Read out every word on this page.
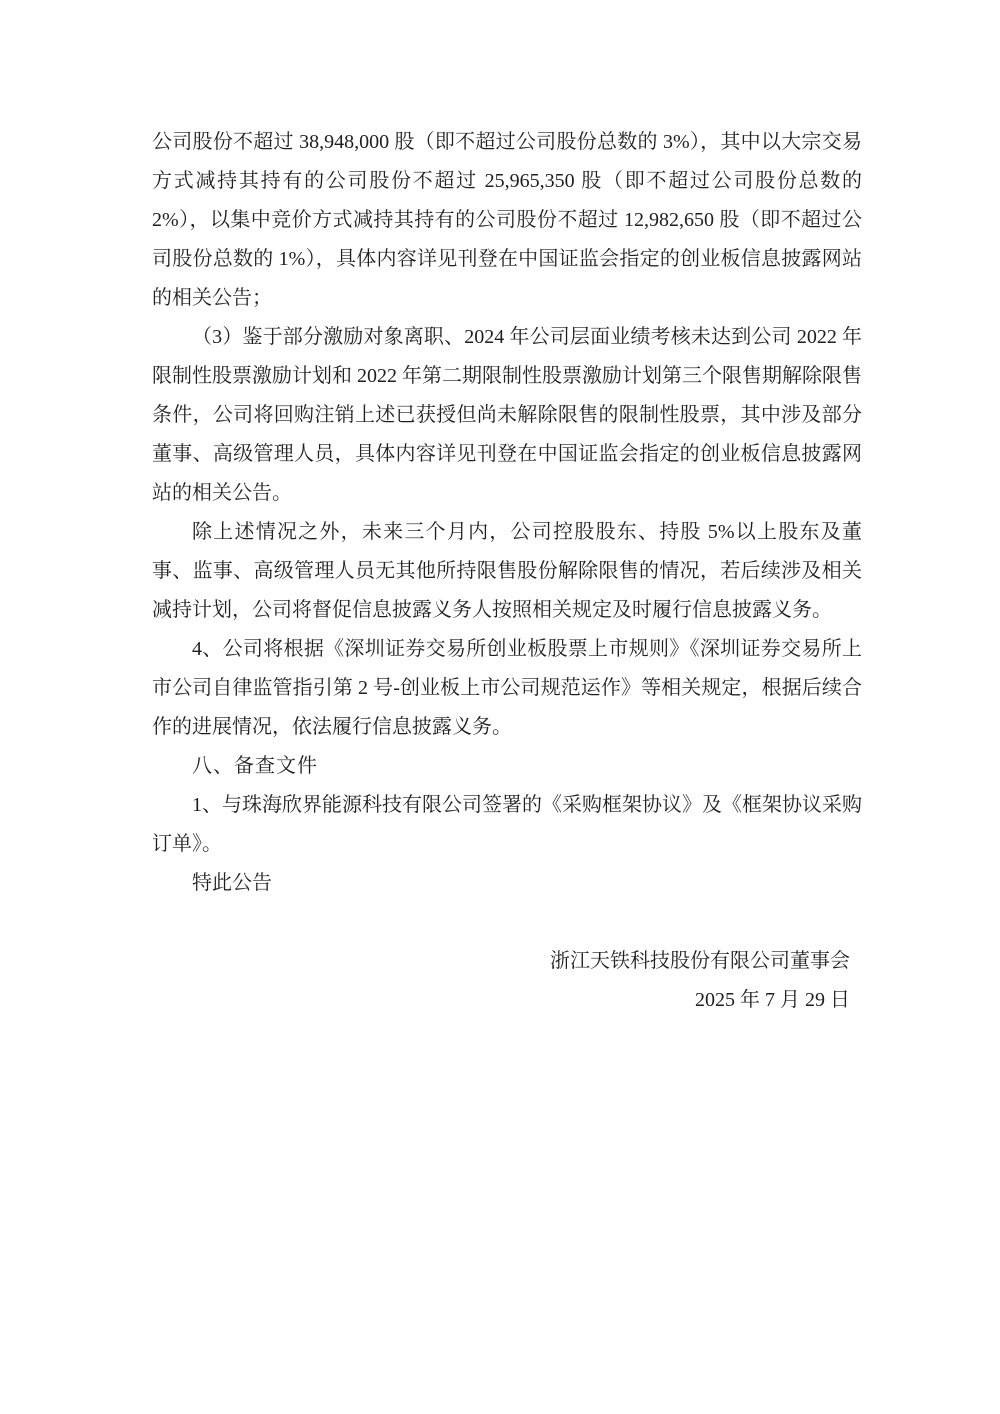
公司股份不超过 38,948,000 股（即不超过公司股份总数的 3%），其中以大宗交易方式减持其持有的公司股份不超过 25,965,350 股（即不超过公司股份总数的 2%），以集中竞价方式减持其持有的公司股份不超过 12,982,650 股（即不超过公司股份总数的 1%），具体内容详见刊登在中国证监会指定的创业板信息披露网站的相关公告；

（3）鉴于部分激励对象离职、2024 年公司层面业绩考核未达到公司 2022 年限制性股票激励计划和 2022 年第二期限制性股票激励计划第三个限售期解除限售条件，公司将回购注销上述已获授但尚未解除限售的限制性股票，其中涉及部分董事、高级管理人员，具体内容详见刊登在中国证监会指定的创业板信息披露网站的相关公告。

除上述情况之外，未来三个月内，公司控股股东、持股 5%以上股东及董事、监事、高级管理人员无其他所持限售股份解除限售的情况，若后续涉及相关减持计划，公司将督促信息披露义务人按照相关规定及时履行信息披露义务。

4、公司将根据《深圳证券交易所创业板股票上市规则》《深圳证券交易所上市公司自律监管指引第 2 号-创业板上市公司规范运作》等相关规定，根据后续合作的进展情况，依法履行信息披露义务。

八、备查文件

1、与珠海欣界能源科技有限公司签署的《采购框架协议》及《框架协议采购订单》。

特此公告

浙江天铁科技股份有限公司董事会

2025 年 7 月 29 日
